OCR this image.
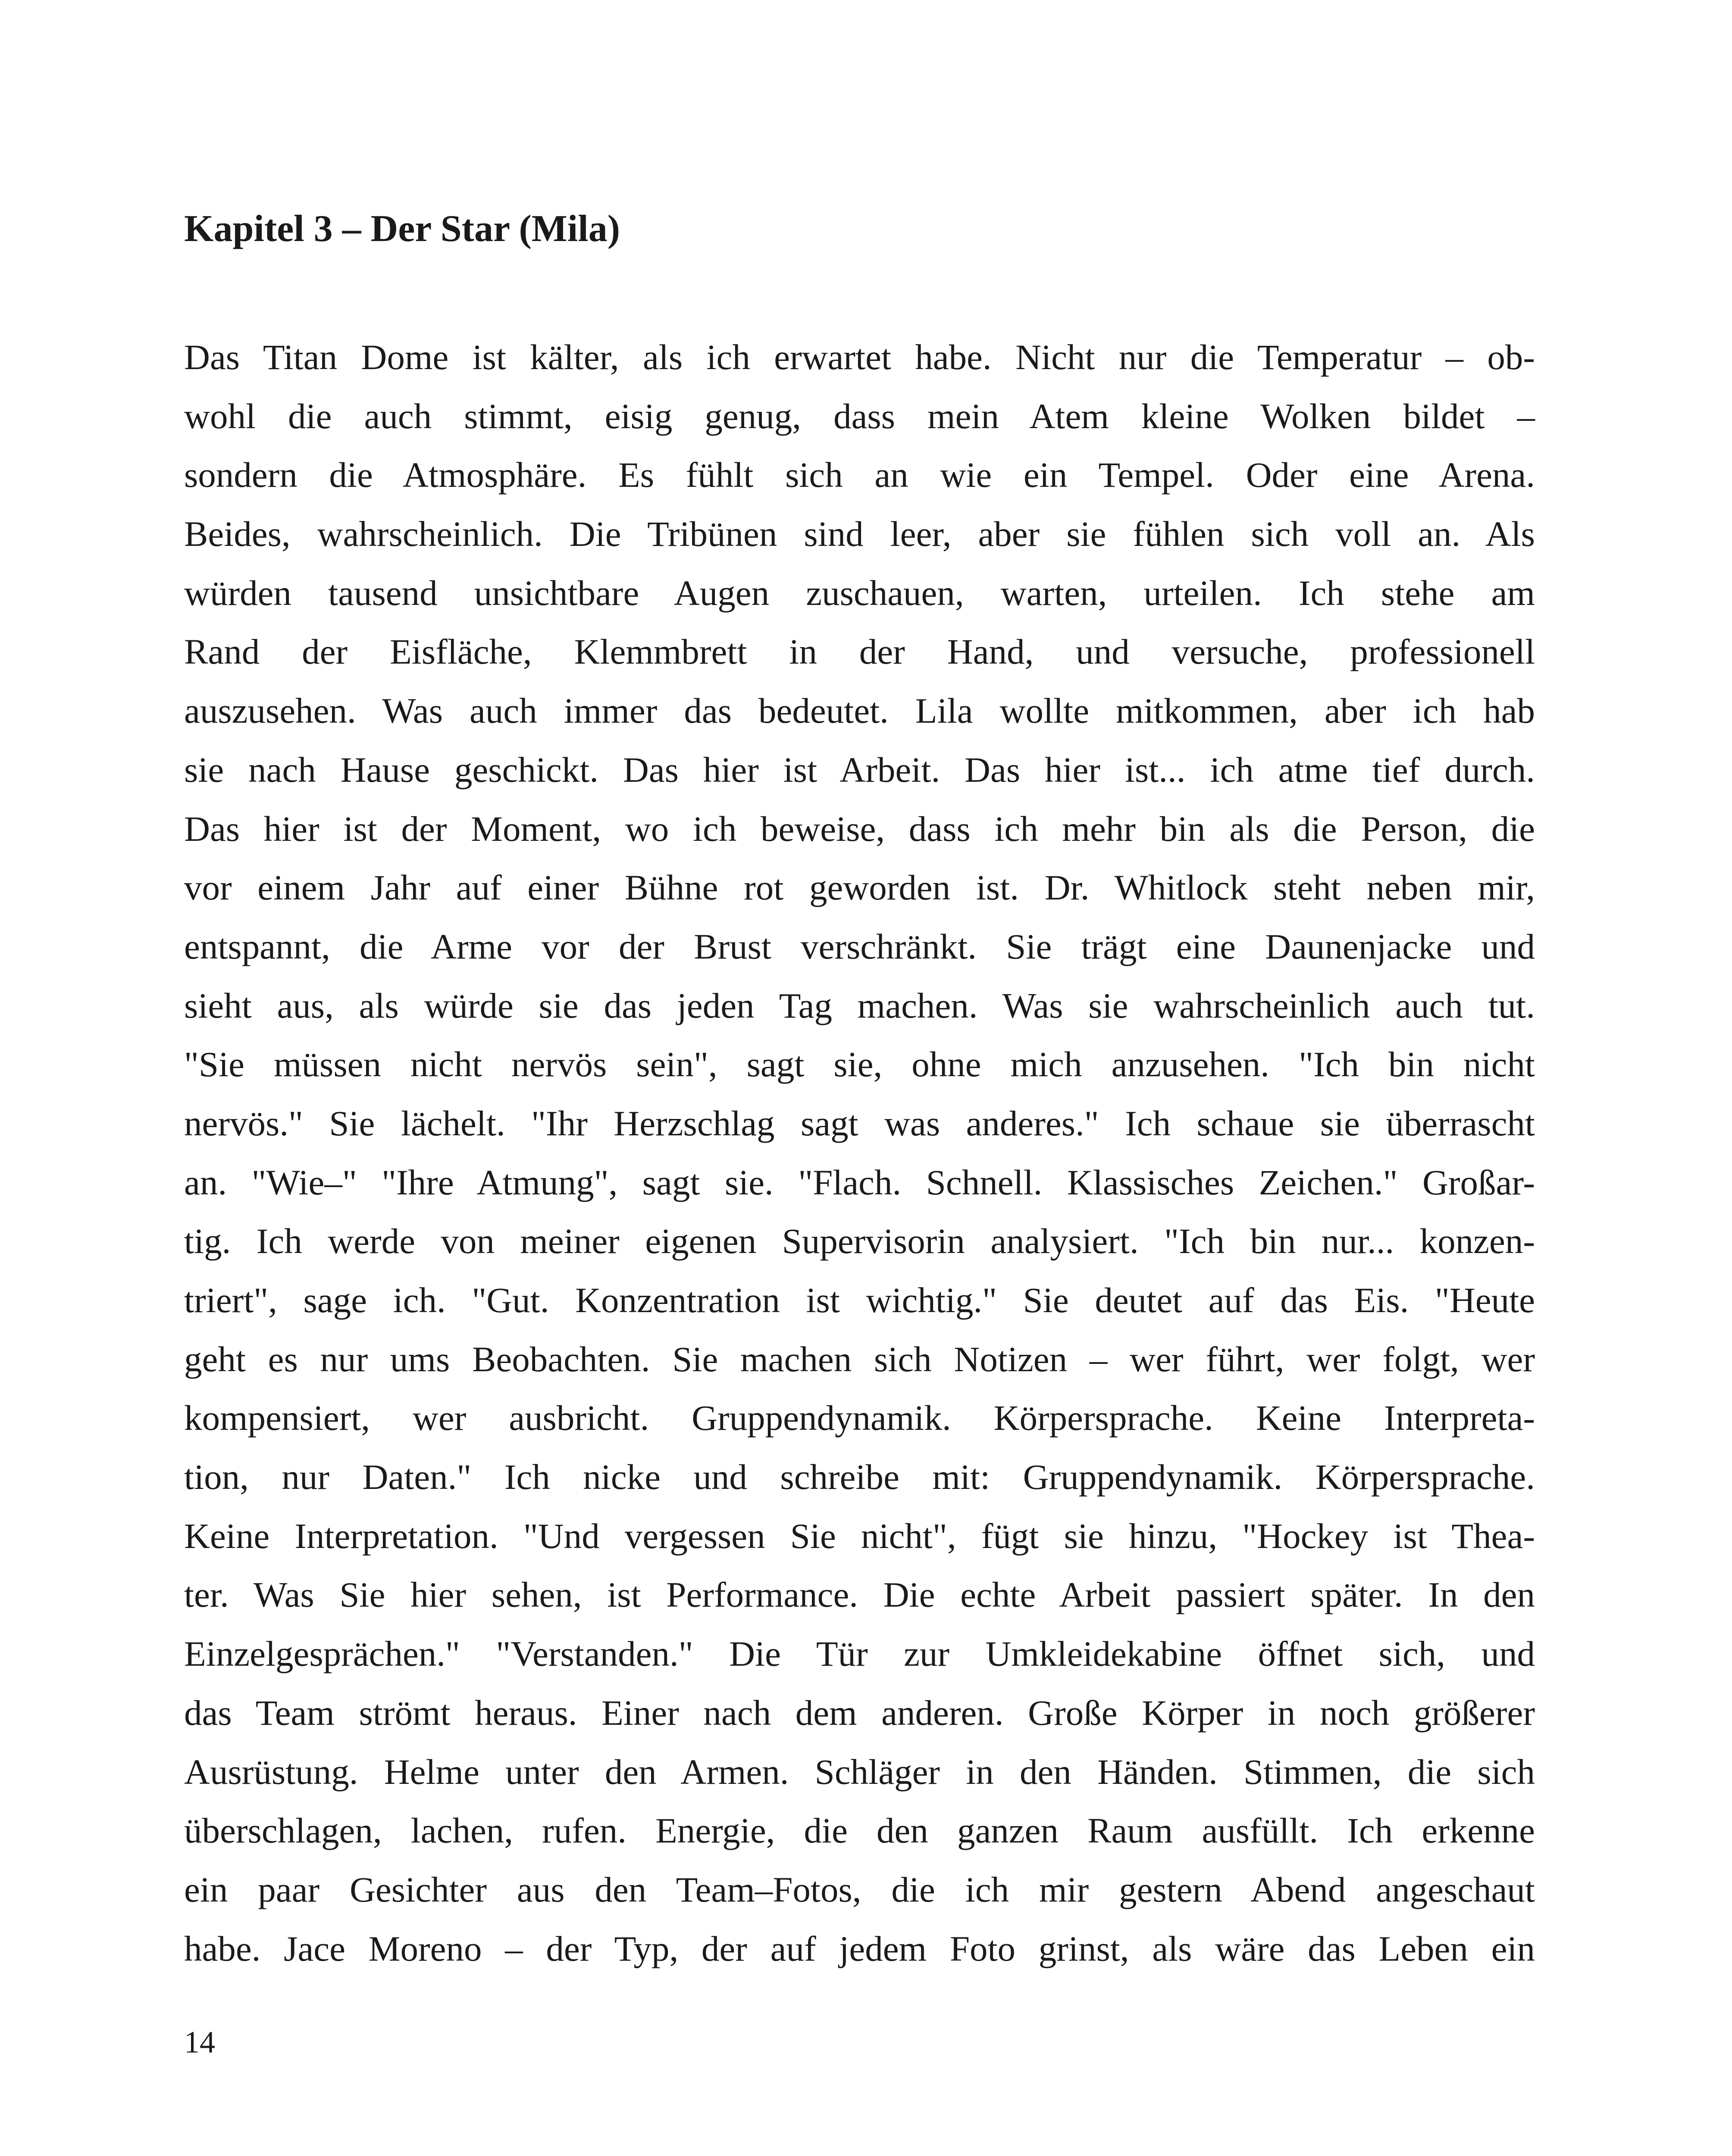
Kapitel 3 – Der Star (Mila)
Das Titan Dome ist kälter, als ich erwartet habe. Nicht nur die Temperatur – ob-
wohl die auch stimmt, eisig genug, dass mein Atem kleine Wolken bildet –
sondern die Atmosphäre. Es fühlt sich an wie ein Tempel. Oder eine Arena.
Beides, wahrscheinlich. Die Tribünen sind leer, aber sie fühlen sich voll an. Als
würden tausend unsichtbare Augen zuschauen, warten, urteilen. Ich stehe am
Rand der Eisfläche, Klemmbrett in der Hand, und versuche, professionell
auszusehen. Was auch immer das bedeutet. Lila wollte mitkommen, aber ich hab
sie nach Hause geschickt. Das hier ist Arbeit. Das hier ist... ich atme tief durch.
Das hier ist der Moment, wo ich beweise, dass ich mehr bin als die Person, die
vor einem Jahr auf einer Bühne rot geworden ist. Dr. Whitlock steht neben mir,
entspannt, die Arme vor der Brust verschränkt. Sie trägt eine Daunenjacke und
sieht aus, als würde sie das jeden Tag machen. Was sie wahrscheinlich auch tut.
"Sie müssen nicht nervös sein", sagt sie, ohne mich anzusehen. "Ich bin nicht
nervös." Sie lächelt. "Ihr Herzschlag sagt was anderes." Ich schaue sie überrascht
an. "Wie–" "Ihre Atmung", sagt sie. "Flach. Schnell. Klassisches Zeichen." Großar-
tig. Ich werde von meiner eigenen Supervisorin analysiert. "Ich bin nur... konzen-
triert", sage ich. "Gut. Konzentration ist wichtig." Sie deutet auf das Eis. "Heute
geht es nur ums Beobachten. Sie machen sich Notizen – wer führt, wer folgt, wer
kompensiert, wer ausbricht. Gruppendynamik. Körpersprache. Keine Interpreta-
tion, nur Daten." Ich nicke und schreibe mit: Gruppendynamik. Körpersprache.
Keine Interpretation. "Und vergessen Sie nicht", fügt sie hinzu, "Hockey ist Thea-
ter. Was Sie hier sehen, ist Performance. Die echte Arbeit passiert später. In den
Einzelgesprächen." "Verstanden." Die Tür zur Umkleidekabine öffnet sich, und
das Team strömt heraus. Einer nach dem anderen. Große Körper in noch größerer
Ausrüstung. Helme unter den Armen. Schläger in den Händen. Stimmen, die sich
überschlagen, lachen, rufen. Energie, die den ganzen Raum ausfüllt. Ich erkenne
ein paar Gesichter aus den Team–Fotos, die ich mir gestern Abend angeschaut
habe. Jace Moreno – der Typ, der auf jedem Foto grinst, als wäre das Leben ein
14
